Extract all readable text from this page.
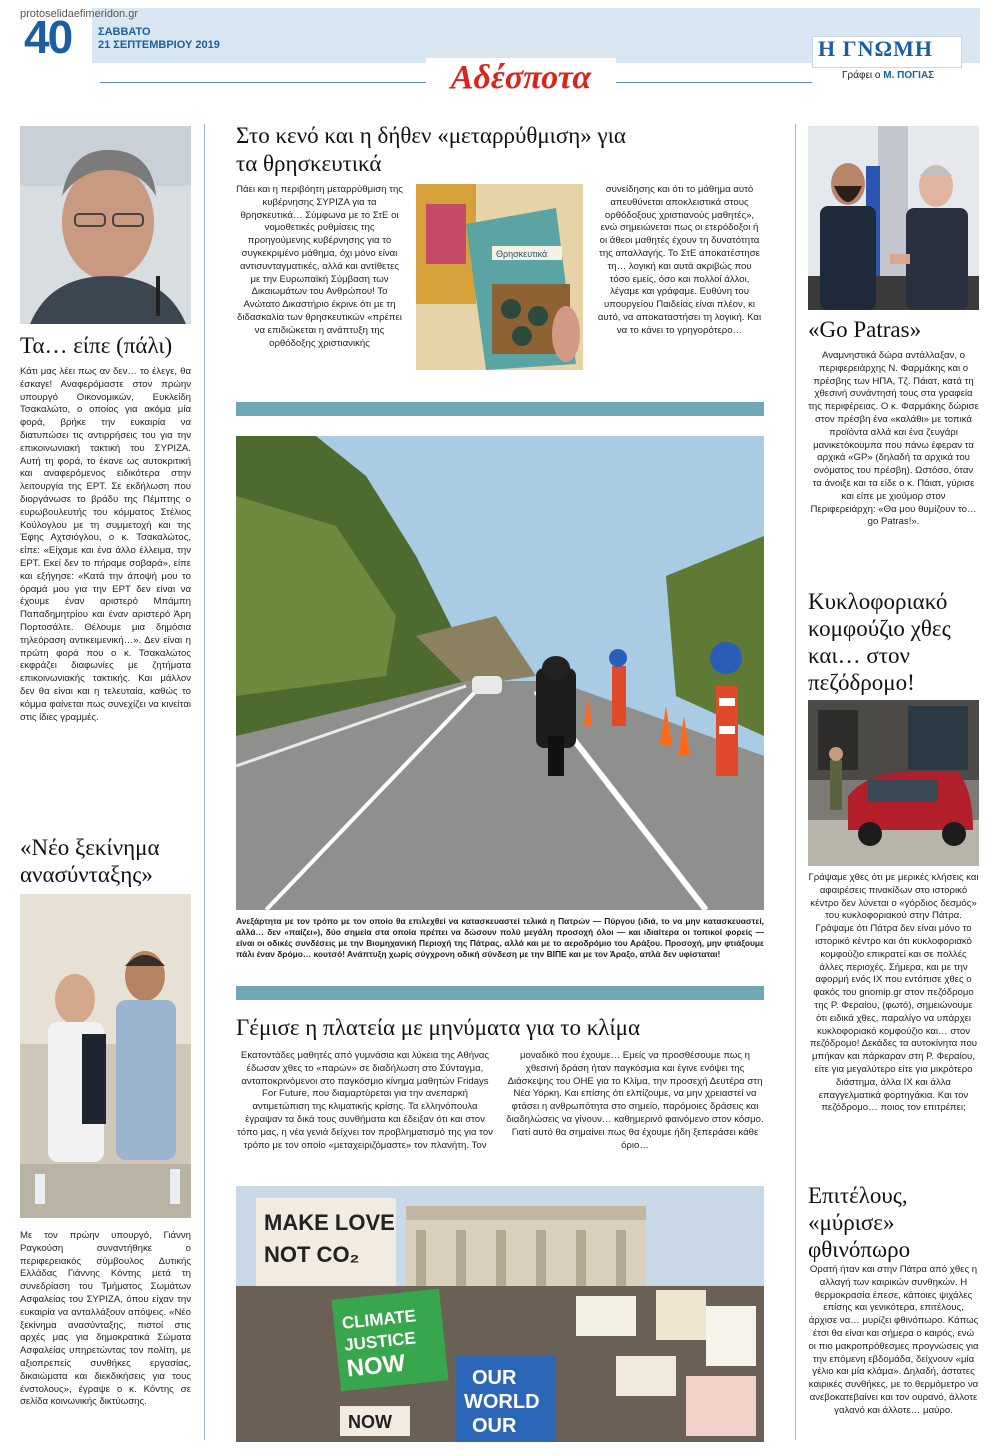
protoselidaefimeridon.gr
40 ΣΑΒΒΑΤΟ
21 ΣΕΠΤΕΜΒΡΙΟΥ 2019	Η ΓΝΩΜΗ
Γράφει ο Μ. ΠΟΓΙΑΣ
Αδέσποτα
Τα… είπε (πάλι)

Κάτι μας λέει πως αν δεν… το έλεγε, θα έσκαγε! Αναφερόμαστε στον πρώην υπουργό Οικονομικών, Ευκλείδη Τσακαλώτο, ο οποίος για ακόμα μία φορά, βρήκε την ευκαιρία να διατυπώσει τις αντιρρήσεις του για την επικοινωνιακή τακτική του ΣΥΡΙΖΑ. Αυτή τη φορά, το έκανε ως αυτοκριτική και αναφερόμενος ειδικότερα στην λειτουργία της ΕΡΤ. Σε εκδήλωση που διοργάνωσε το βράδυ της Πέμπτης ο ευρωβουλευτής του κόμματος Στέλιος Κούλογλου με τη συμμετοχή και της Έφης Αχτσιόγλου, ο κ. Τσακαλώτος, είπε: «Είχαμε και ένα άλλο έλλειμα, την ΕΡΤ. Εκεί δεν το πήραμε σοβαρά», είπε και εξήγησε: «Κατά την άποψή μου το όραμά μου για την ΕΡΤ δεν είναι να έχουμε έναν αριστερό Μπάμπη Παπαδημητρίου και έναν αριστερό Άρη Πορτοσάλτε. Θέλουμε μια δημόσια τηλεόραση αντικειμενική…». Δεν είναι η πρώτη φορά που ο κ. Τσακαλώτος εκφράζει διαφωνίες με ζητήματα επικοινωνιακής τακτικής. Και μάλλον δεν θα είναι και η τελευταία, καθώς το κόμμα φαίνεται πως συνεχίζει να κινείται στις ίδιες γραμμές.

«Νέο ξεκίνημα ανασύνταξης»

Με τον πρώην υπουργό, Γιάννη Ραγκούση συναντήθηκε ο περιφερειακός σύμβουλος Δυτικής Ελλάδας Γιάννης Κόντης μετά τη συνεδρίαση του Τμήματος Σωμάτων Ασφαλείας του ΣΥΡΙΖΑ, όπου είχαν την ευκαιρία να ανταλλάξουν απόψεις. «Νέο ξεκίνημα ανασύνταξης, πιστοί στις αρχές μας για δημοκρατικά Σώματα Ασφαλείας υπηρετώντας τον πολίτη, με αξιοπρεπείς συνθήκες εργασίας, δικαιώματα και διεκδικήσεις για τους ένστολους», έγραψε ο κ. Κόντης σε σελίδα κοινωνικής δικτύωσης.

Στο κενό και η δήθεν «μεταρρύθμιση» για τα θρησκευτικά

Πάει και η περιβόητη μεταρρύθμιση της κυβέρνησης ΣΥΡΙΖΑ για τα θρησκευτικά… Σύμφωνα με το ΣτΕ οι νομοθετικές ρυθμίσεις της προηγούμενης κυβέρνησης για το συγκεκριμένο μάθημα, όχι μόνο είναι αντισυνταγματικές, αλλά και αντίθετες με την Ευρωπαϊκή Σύμβαση των Δικαιωμάτων του Ανθρώπου! Το Ανώτατο Δικαστήριο έκρινε ότι με τη διδασκαλία των θρησκευτικών «πρέπει να επιδιώκεται η ανάπτυξη της ορθόδοξης χριστιανικής

Θρησκευτικά

συνείδησης και ότι το μάθημα αυτό απευθύνεται αποκλειστικά στους ορθόδοξους χριστιανούς μαθητές», ενώ σημειώνεται πως οι ετερόδοξοι ή οι άθεοι μαθητές έχουν τη δυνατότητα της απαλλαγής. Το ΣτΕ αποκατέστησε τη… λογική και αυτά ακριβώς που τόσο εμείς, όσο και πολλοί άλλοι, λέγαμε και γράφαμε. Ευθύνη του υπουργείου Παιδείας είναι πλέον, κι αυτό, να αποκαταστήσει τη λογική. Και να το κάνει το γρηγορότερο…

Ανεξάρτητα με τον τρόπο με τον οποίο θα επιλεχθεί να κατασκευαστεί τελικά η Πατρών — Πύργου (ιδιά, το να μην κατασκευαστεί, αλλά… δεν «παίζει»), δύο σημεία στα οποία πρέπει να δώσουν πολύ μεγάλη προσοχή όλοι — και ιδιαίτερα οι τοπικοί φορείς — είναι οι οδικές συνδέσεις με την Βιομηχανική Περιοχή της Πάτρας, αλλά και με το αεροδρόμιο του Αράξου. Προσοχή, μην φτιάξουμε πάλι έναν δρόμο… κουτσό! Ανάπτυξη χωρίς σύγχρονη οδική σύνδεση με την ΒΙΠΕ και με τον Άραξο, απλά δεν υφίσταται!

Γέμισε η πλατεία με μηνύματα για το κλίμα

Εκατοντάδες μαθητές από γυμνάσια και λύκεια της Αθήνας έδωσαν χθες το «παρών» σε διαδήλωση στο Σύνταγμα, ανταποκρινόμενοι στο παγκόσμιο κίνημα μαθητών Fridays For Future, που διαμαρτύρεται για την ανεπαρκή αντιμετώπιση της κλιματικής κρίσης. Τα ελληνόπουλα έγραψαν τα δικά τους συνθήματα και έδειξαν ότι και στον τόπο μας, η νέα γενιά δείχνει τον προβληματισμό της για τον τρόπο με τον οποίο «μεταχειριζόμαστε» τον πλανήτη. Τον

μοναδικό που έχουμε… Εμείς να προσθέσουμε πως η χθεσινή δράση ήταν παγκόσμια και έγινε ενόψει της Διάσκεψης του ΟΗΕ για το Κλίμα, την προσεχή Δευτέρα στη Νέα Υόρκη. Και επίσης ότι ελπίζουμε, να μην χρειαστεί να φτάσει η ανθρωπότητα στο σημείο, παρόμοιες δράσεις και διαδηλώσεις να γίνουν… καθημερινό φαινόμενο στον κόσμο. Γιατί αυτό θα σημαίνει πως θα έχουμε ήδη ξεπεράσει κάθε όριο…

MAKE LOVE
NOT CO₂
CLIMATE
JUSTICE
NOW	OUR
WORLD
OUR
NOW
«Go Patras»

Αναμνηστικά δώρα αντάλλαξαν, ο περιφερειάρχης Ν. Φαρμάκης και ο πρέσβης των ΗΠΑ, Τζ. Πάιατ, κατά τη χθεσινή συνάντησή τους στα γραφεία της περιφέρειας. Ο κ. Φαρμάκης δώρισε στον πρέσβη ένα «καλάθι» με τοπικά προϊόντα αλλά και ένα ζευγάρι μανικετόκουμπα που πάνω έφεραν τα αρχικά «GP» (δηλαδή τα αρχικά του ονόματος του πρέσβη). Ωστόσο, όταν τα άνοιξε και τα είδε ο κ. Πάιατ, γύρισε και είπε με χιούμορ στον Περιφερειάρχη: «Θα μου θυμίζουν το… go Patras!».

Κυκλοφοριακό κομφούζιο χθες και… στον πεζόδρομο!

Γράψαμε χθες ότι με μερικές κλήσεις και αφαιρέσεις πινακίδων στο ιστορικό κέντρο δεν λύνεται ο «γόρδιος δεσμός» του κυκλοφοριακού στην Πάτρα. Γράψαμε ότι Πάτρα δεν είναι μόνο το ιστορικό κέντρο και ότι κυκλοφοριακό κομφούζιο επικρατεί και σε πολλές άλλες περιοχές. Σήμερα, και με την αφορμή ενός ΙΧ που εντόπισε χθες ο φακός του gnomip.gr στον πεζόδρομο της Ρ. Φεραίου, (φωτό), σημειώνουμε ότι ειδικά χθες, παραλίγο να υπάρχει κυκλοφοριακό κομφούζιο και… στον πεζόδρομο! Δεκάδες τα αυτοκίνητα που μπήκαν και πάρκαραν στη Ρ. Φεραίου, είτε για μεγαλύτερο είτε για μικρότερο διάστημα, άλλα ΙΧ και άλλα επαγγελματικά φορτηγάκια. Και τον πεζόδρομο… ποιος τον επιτρέπει;

Επιτέλους, «μύρισε» φθινόπωρο

Ορατή ήταν και στην Πάτρα από χθες η αλλαγή των καιρικών συνθηκών. Η θερμοκρασία έπεσε, κάποιες ψιχάλες επίσης και γενικότερα, επιτέλους, άρχισε να… μυρίζει φθινόπωρο. Κάπως έτσι θα είναι και σήμερα ο καιρός, ενώ οι πιο μακροπρόθεσμες προγνώσεις για την επόμενη εβδομάδα, δείχνουν «μία γέλιο και μία κλάμα». Δηλαδή, άστατες καιρικές συνθήκες, με το θερμόμετρο να ανεβοκατεβαίνει και τον ουρανό, άλλοτε γαλανό και άλλοτε… μαύρο.
